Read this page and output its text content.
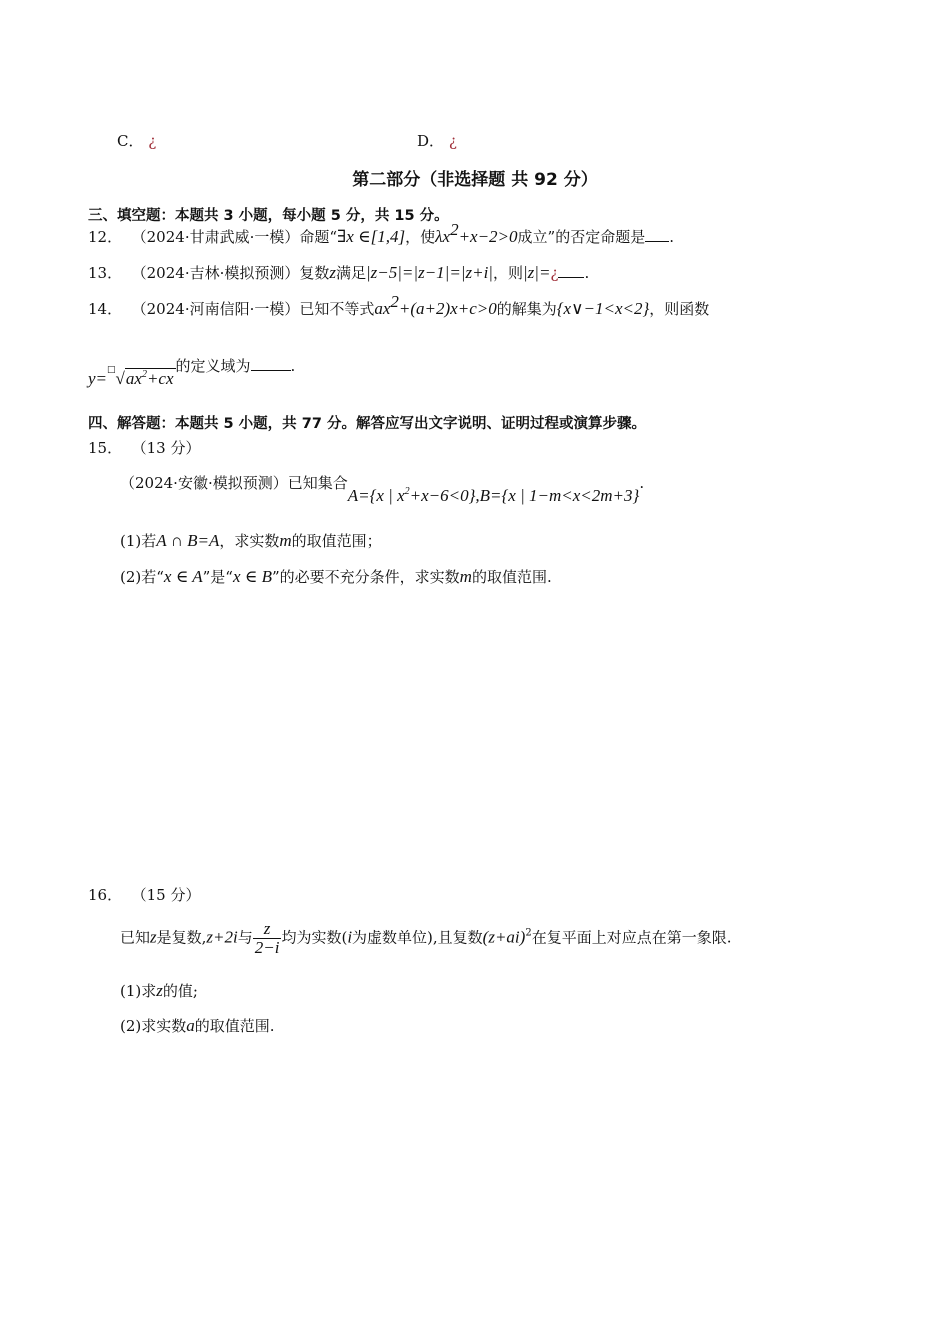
C． ¿	D． ¿
第二部分（非选择题 共 92 分）
三、填空题：本题共 3 小题，每小题 5 分，共 15 分。
12． （2024·甘肃武威·一模）命题“∃x ∈[1,4]，使$\lambda x^2+x-2>0$成立”的否定命题是 .
13． （2024·吉林·模拟预测）复数z满足|z−5|=|z−1|=|z+i|，则|z|=¿ .
14． （2024·河南信阳·一模）已知不等式$ax^2+(a+2)x+c>0$的解集为{x∨−1<x<2}，则函数
$y=^□√ax^2+cx$的定义域为	.
四、解答题：本题共 5 小题，共 77 分。解答应写出文字说明、证明过程或演算步骤。
15． （13 分）
（2024·安徽·模拟预测）已知集合A={x | $x^2+x-6<0\},B=\{x$ | 1−m<x<2m+3}.
(1)若A ∩ B=A，求实数m的取值范围；
(2)若“x ∈ A”是“x ∈ B”的必要不充分条件，求实数m的取值范围.
16． （15 分）
已知z是复数,z+2i与 $\frac{z}{2-i}$ 均为实数(i为虚数单位),且复数$(z+ai)^2$在复平面上对应点在第一象限.
(1)求z的值;
(2)求实数a的取值范围.
